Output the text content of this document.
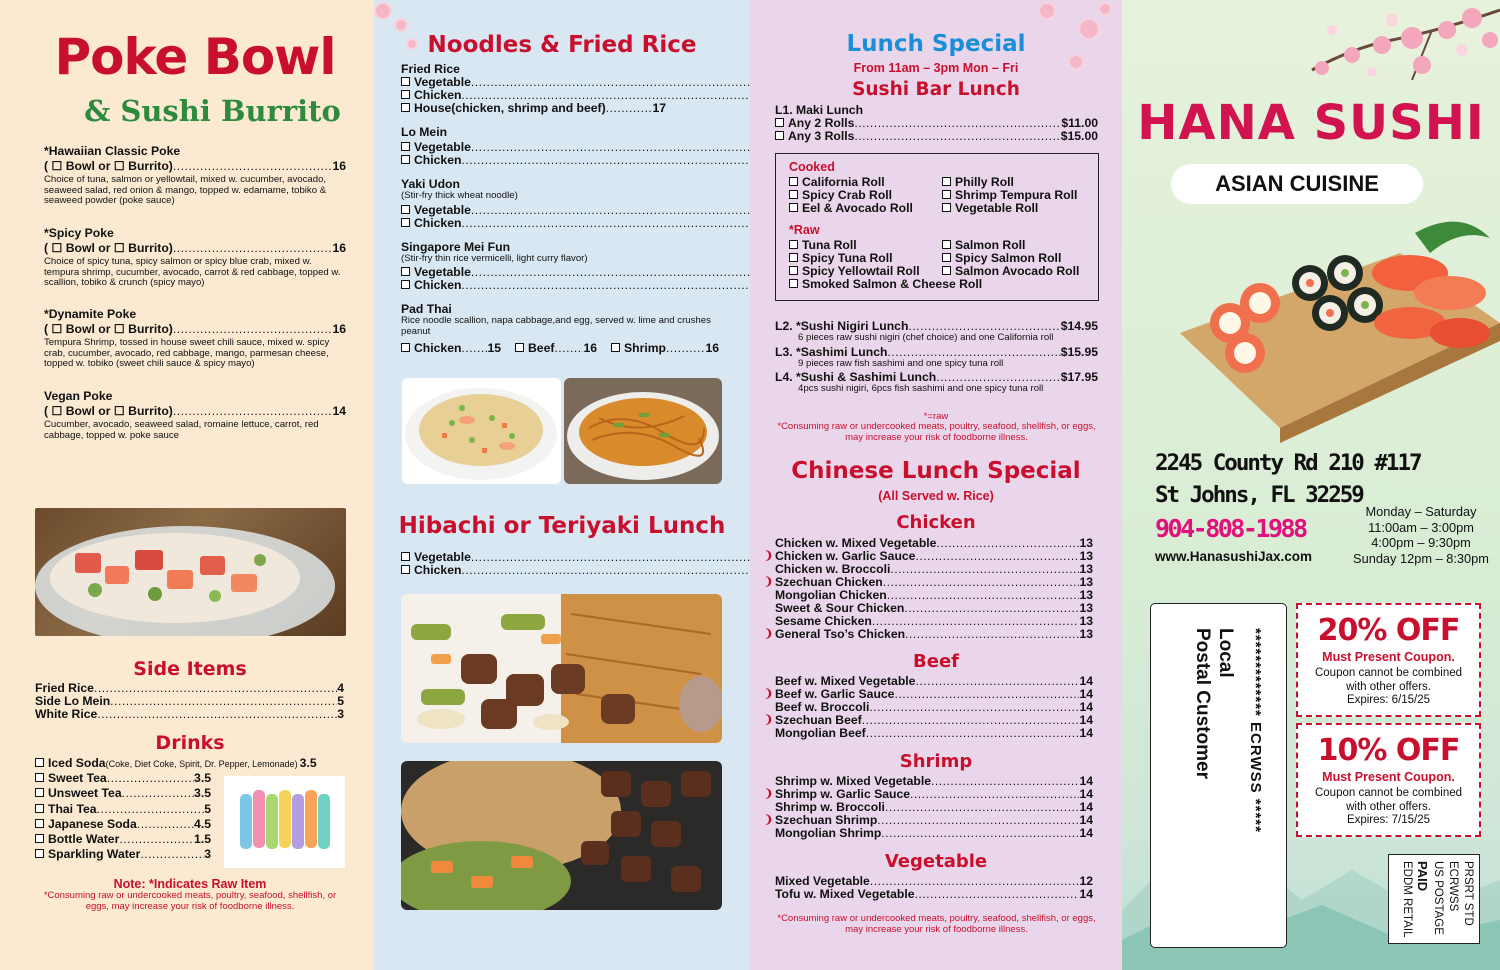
Poke Bowl
& Sushi Burrito
*Hawaiian Classic Poke
( ☐ Bowl or ☐ Burrito) .....	16
Choice of tuna, salmon or yellowtail, mixed w. cucumber, avocado, seaweed salad, red onion & mango, topped w. edamame, tobiko & seaweed powder (poke sauce)
*Spicy Poke
( ☐ Bowl or ☐ Burrito) .....	16
Choice of spicy tuna, spicy salmon or spicy blue crab, mixed w. tempura shrimp, cucumber, avocado, carrot & red cabbage, topped w. scallion, tobiko & crunch (spicy mayo)
*Dynamite Poke
( ☐ Bowl or ☐ Burrito) .....	16
Tempura Shrimp, tossed in house sweet chili sauce, mixed w. spicy crab, cucumber, avocado, red cabbage, mango, parmesan cheese, topped w. tobiko (sweet chili sauce & spicy mayo)
Vegan Poke
( ☐ Bowl or ☐ Burrito) .....	14
Cucumber, avocado, seaweed salad, romaine lettuce, carrot, red cabbage, topped w. poke sauce
Side Items
Fried Rice .....	4
Side Lo Mein .....	5
White Rice .....	3
Drinks
Iced Soda (Coke, Diet Coke, Spirit, Dr. Pepper, Lemonade) 3.5
Sweet Tea .....	3.5
Unsweet Tea .....	3.5
Thai Tea .....	5
Japanese Soda .....	4.5
Bottle Water .....	1.5
Sparkling Water .....	3
Note: *Indicates Raw Item
*Consuming raw or undercooked meats, poultry, seafood, shellfish, or eggs, may increase your risk of foodborne illness.
Noodles & Fried Rice
Fried Rice
Vegetable
.....
Chicken
.....
House(chicken, shrimp and beef) .....	17
Lo Mein
Vegetable
.....
Chicken
.....
Yaki Udon
(Stir-fry thick wheat noodle)
Vegetable
.....
Chicken
.....
Singapore Mei Fun
(Stir-fry thin rice vermicelli, light curry flavor)
Vegetable
.....
Chicken
.....
Pad Thai
Rice noodle scallion, napa cabbage,and egg, served w. lime and crushes peanut
Chicken ..... 15 Beef ..... 16 Shrimp .....	16
Hibachi or Teriyaki Lunch
Vegetable
.....
Chicken
.....
Lunch Special
From 11am – 3pm Mon – Fri
Sushi Bar Lunch
L1. Maki Lunch
Any 2 Rolls .....	$11.00
Any 3 Rolls .....	$15.00
Cooked
California Roll
Spicy Crab Roll
Eel & Avocado Roll
Philly Roll
Shrimp Tempura Roll
Vegetable Roll
*Raw
Tuna Roll
Spicy Tuna Roll
Spicy Yellowtail Roll
Salmon Roll
Spicy Salmon Roll
Salmon Avocado Roll
Smoked Salmon & Cheese Roll
L2. *Sushi Nigiri Lunch .....	$14.95
6 pieces raw sushi nigiri (chef choice) and one California roll
L3. *Sashimi Lunch .....	$15.95
9 pieces raw fish sashimi and one spicy tuna roll
L4. *Sushi & Sashimi Lunch .....	$17.95
4pcs sushi nigiri, 6pcs fish sashimi and one spicy tuna roll
*=raw
*Consuming raw or undercooked meats, poultry, seafood, shellfish, or eggs, may increase your risk of foodborne illness.
Chinese Lunch Special
(All Served w. Rice)
Chicken
Chicken w. Mixed Vegetable .....	13
❩ Chicken w. Garlic Sauce .....	13
Chicken w. Broccoli .....	13
❩ Szechuan Chicken .....	13
Mongolian Chicken .....	13
Sweet & Sour Chicken .....	13
Sesame Chicken .....	13
❩ General Tso’s Chicken .....	13
Beef
Beef w. Mixed Vegetable .....	14
❩ Beef w. Garlic Sauce .....	14
Beef w. Broccoli .....	14
❩ Szechuan Beef .....	14
Mongolian Beef .....	14
Shrimp
Shrimp w. Mixed Vegetable .....	14
❩ Shrimp w. Garlic Sauce .....	14
Shrimp w. Broccoli .....	14
❩ Szechuan Shrimp .....	14
Mongolian Shrimp .....	14
Vegetable
Mixed Vegetable .....	12
Tofu w. Mixed Vegetable .....	14
*Consuming raw or undercooked meats, poultry, seafood, shellfish, or eggs, may increase your risk of foodborne illness.
HANA SUSHI
ASIAN CUISINE
2245 County Rd 210 #117
St Johns, FL 32259
904-808-1988
www.HanasushiJax.com
Monday – Saturday
11:00am – 3:00pm
4:00pm – 9:30pm
Sunday 12pm – 8:30pm
************* ECRWSS *****
Local
Postal Customer
PRSRT STD
ECRWSS
US POSTAGE
PAID
EDDM RETAIL
20% OFF
Must Present Coupon.
Coupon cannot be combined
with other offers.
Expires: 6/15/25
10% OFF
Must Present Coupon.
Coupon cannot be combined
with other offers.
Expires: 7/15/25
